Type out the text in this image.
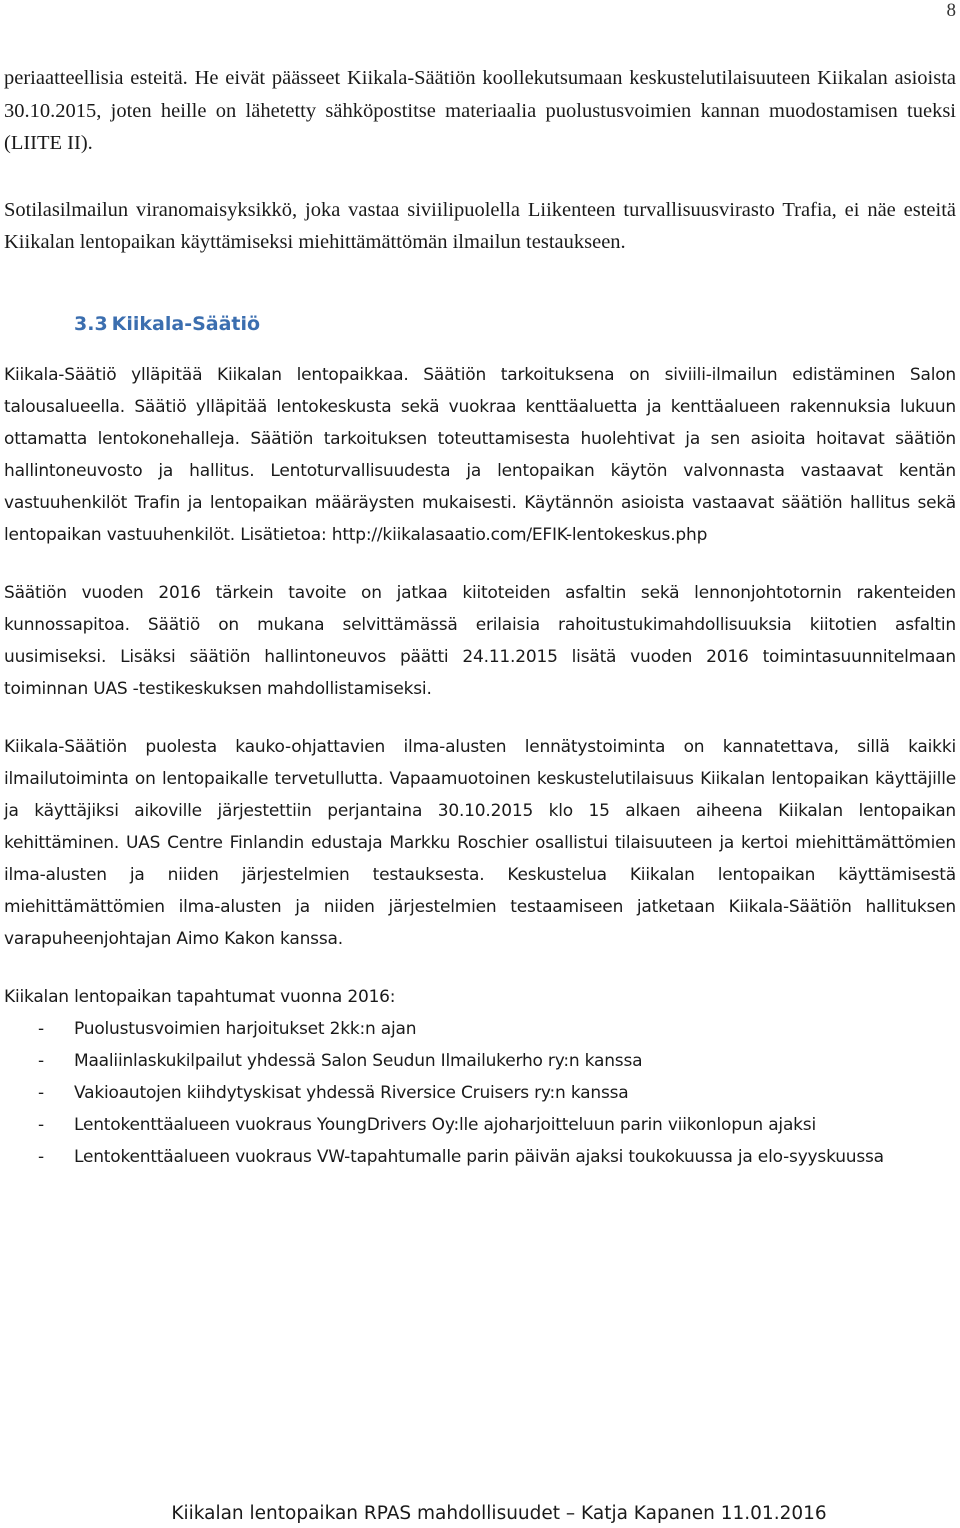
8

periaatteellisia esteitä. He eivät päässeet Kiikala-Säätiön koollekutsumaan keskustelutilaisuuteen Kiikalan asioista 30.10.2015, joten heille on lähetetty sähköpostitse materiaalia puolustusvoimien kannan muodostamisen tueksi (LIITE II).

Sotilasilmailun viranomaisyksikkö, joka vastaa siviilipuolella Liikenteen turvallisuusvirasto Trafia, ei näe esteitä Kiikalan lentopaikan käyttämiseksi miehittämättömän ilmailun testaukseen.

3.3 Kiikala-Säätiö

Kiikala-Säätiö ylläpitää Kiikalan lentopaikkaa. Säätiön tarkoituksena on siviili-ilmailun edistäminen Salon talousalueella. Säätiö ylläpitää lentokeskusta sekä vuokraa kenttäaluetta ja kenttäalueen rakennuksia lukuun ottamatta lentokonehalleja. Säätiön tarkoituksen toteuttamisesta huolehtivat ja sen asioita hoitavat säätiön hallintoneuvosto ja hallitus. Lentoturvallisuudesta ja lentopaikan käytön valvonnasta vastaavat kentän vastuuhenkilöt Trafin ja lentopaikan määräysten mukaisesti. Käytännön asioista vastaavat säätiön hallitus sekä lentopaikan vastuuhenkilöt. Lisätietoa: http://kiikalasaatio.com/EFIK-lentokeskus.php

Säätiön vuoden 2016 tärkein tavoite on jatkaa kiitoteiden asfaltin sekä lennonjohtotornin rakenteiden kunnossapitoa. Säätiö on mukana selvittämässä erilaisia rahoitustukimahdollisuuksia kiitotien asfaltin uusimiseksi. Lisäksi säätiön hallintoneuvos päätti 24.11.2015 lisätä vuoden 2016 toimintasuunnitelmaan toiminnan UAS -testikeskuksen mahdollistamiseksi.

Kiikala-Säätiön puolesta kauko-ohjattavien ilma-alusten lennätystoiminta on kannatettava, sillä kaikki ilmailutoiminta on lentopaikalle tervetullutta. Vapaamuotoinen keskustelutilaisuus Kiikalan lentopaikan käyttäjille ja käyttäjiksi aikoville järjestettiin perjantaina 30.10.2015 klo 15 alkaen aiheena Kiikalan lentopaikan kehittäminen. UAS Centre Finlandin edustaja Markku Roschier osallistui tilaisuuteen ja kertoi miehittämättömien ilma-alusten ja niiden järjestelmien testauksesta. Keskustelua Kiikalan lentopaikan käyttämisestä miehittämättömien ilma-alusten ja niiden järjestelmien testaamiseen jatketaan Kiikala-Säätiön hallituksen varapuheenjohtajan Aimo Kakon kanssa.

Kiikalan lentopaikan tapahtumat vuonna 2016:

- Puolustusvoimien harjoitukset 2kk:n ajan
- Maaliinlaskukilpailut yhdessä Salon Seudun Ilmailukerho ry:n kanssa
- Vakioautojen kiihdytyskisat yhdessä Riversice Cruisers ry:n kanssa
- Lentokenttäalueen vuokraus YoungDrivers Oy:lle ajoharjoitteluun parin viikonlopun ajaksi
- Lentokenttäalueen vuokraus VW-tapahtumalle parin päivän ajaksi toukokuussa ja elo-syyskuussa
Kiikalan lentopaikan RPAS mahdollisuudet – Katja Kapanen 11.01.2016
